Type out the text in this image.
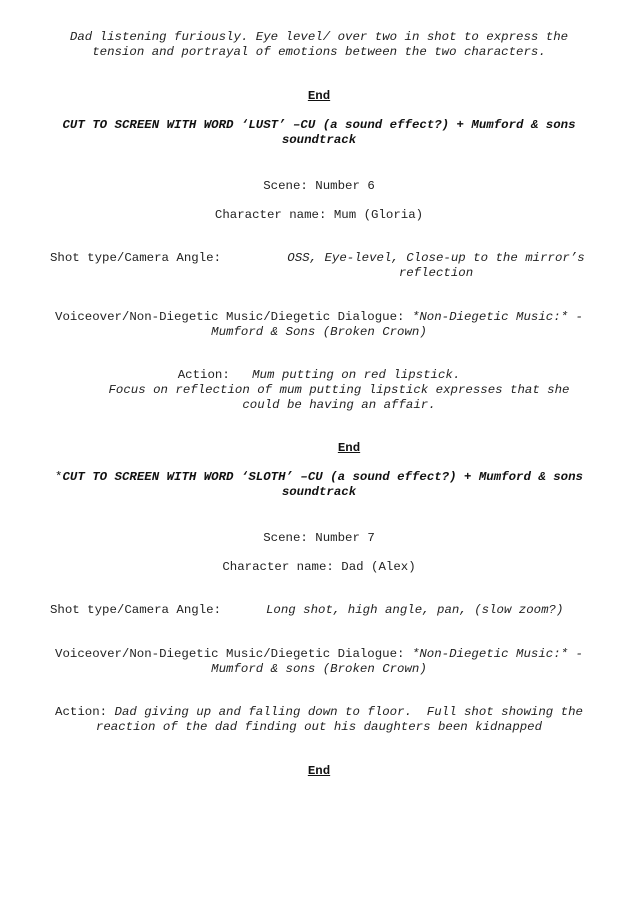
Dad listening furiously. Eye level/ over two in shot to express the
tension and portrayal of emotions between the two characters.
End
CUT TO SCREEN WITH WORD ‘LUST’ –CU (a sound effect?) + Mumford & sons
soundtrack
Scene: Number 6
Character name: Mum (Gloria)
Shot type/Camera Angle:	OSS, Eye-level, Close-up to the mirror’s
reflection
Voiceover/Non-Diegetic Music/Diegetic Dialogue: *Non-Diegetic Music:* -
Mumford & Sons (Broken Crown)
Action: Mum putting on red lipstick.
Focus on reflection of mum putting lipstick expresses that she
could be having an affair.
End
*CUT TO SCREEN WITH WORD ‘SLOTH’ –CU (a sound effect?) + Mumford & sons
soundtrack
Scene: Number 7
Character name: Dad (Alex)
Shot type/Camera Angle:	Long shot, high angle, pan, (slow zoom?)
Voiceover/Non-Diegetic Music/Diegetic Dialogue: *Non-Diegetic Music:* -
Mumford & sons (Broken Crown)
Action: Dad giving up and falling down to floor.  Full shot showing the
reaction of the dad finding out his daughters been kidnapped
End
